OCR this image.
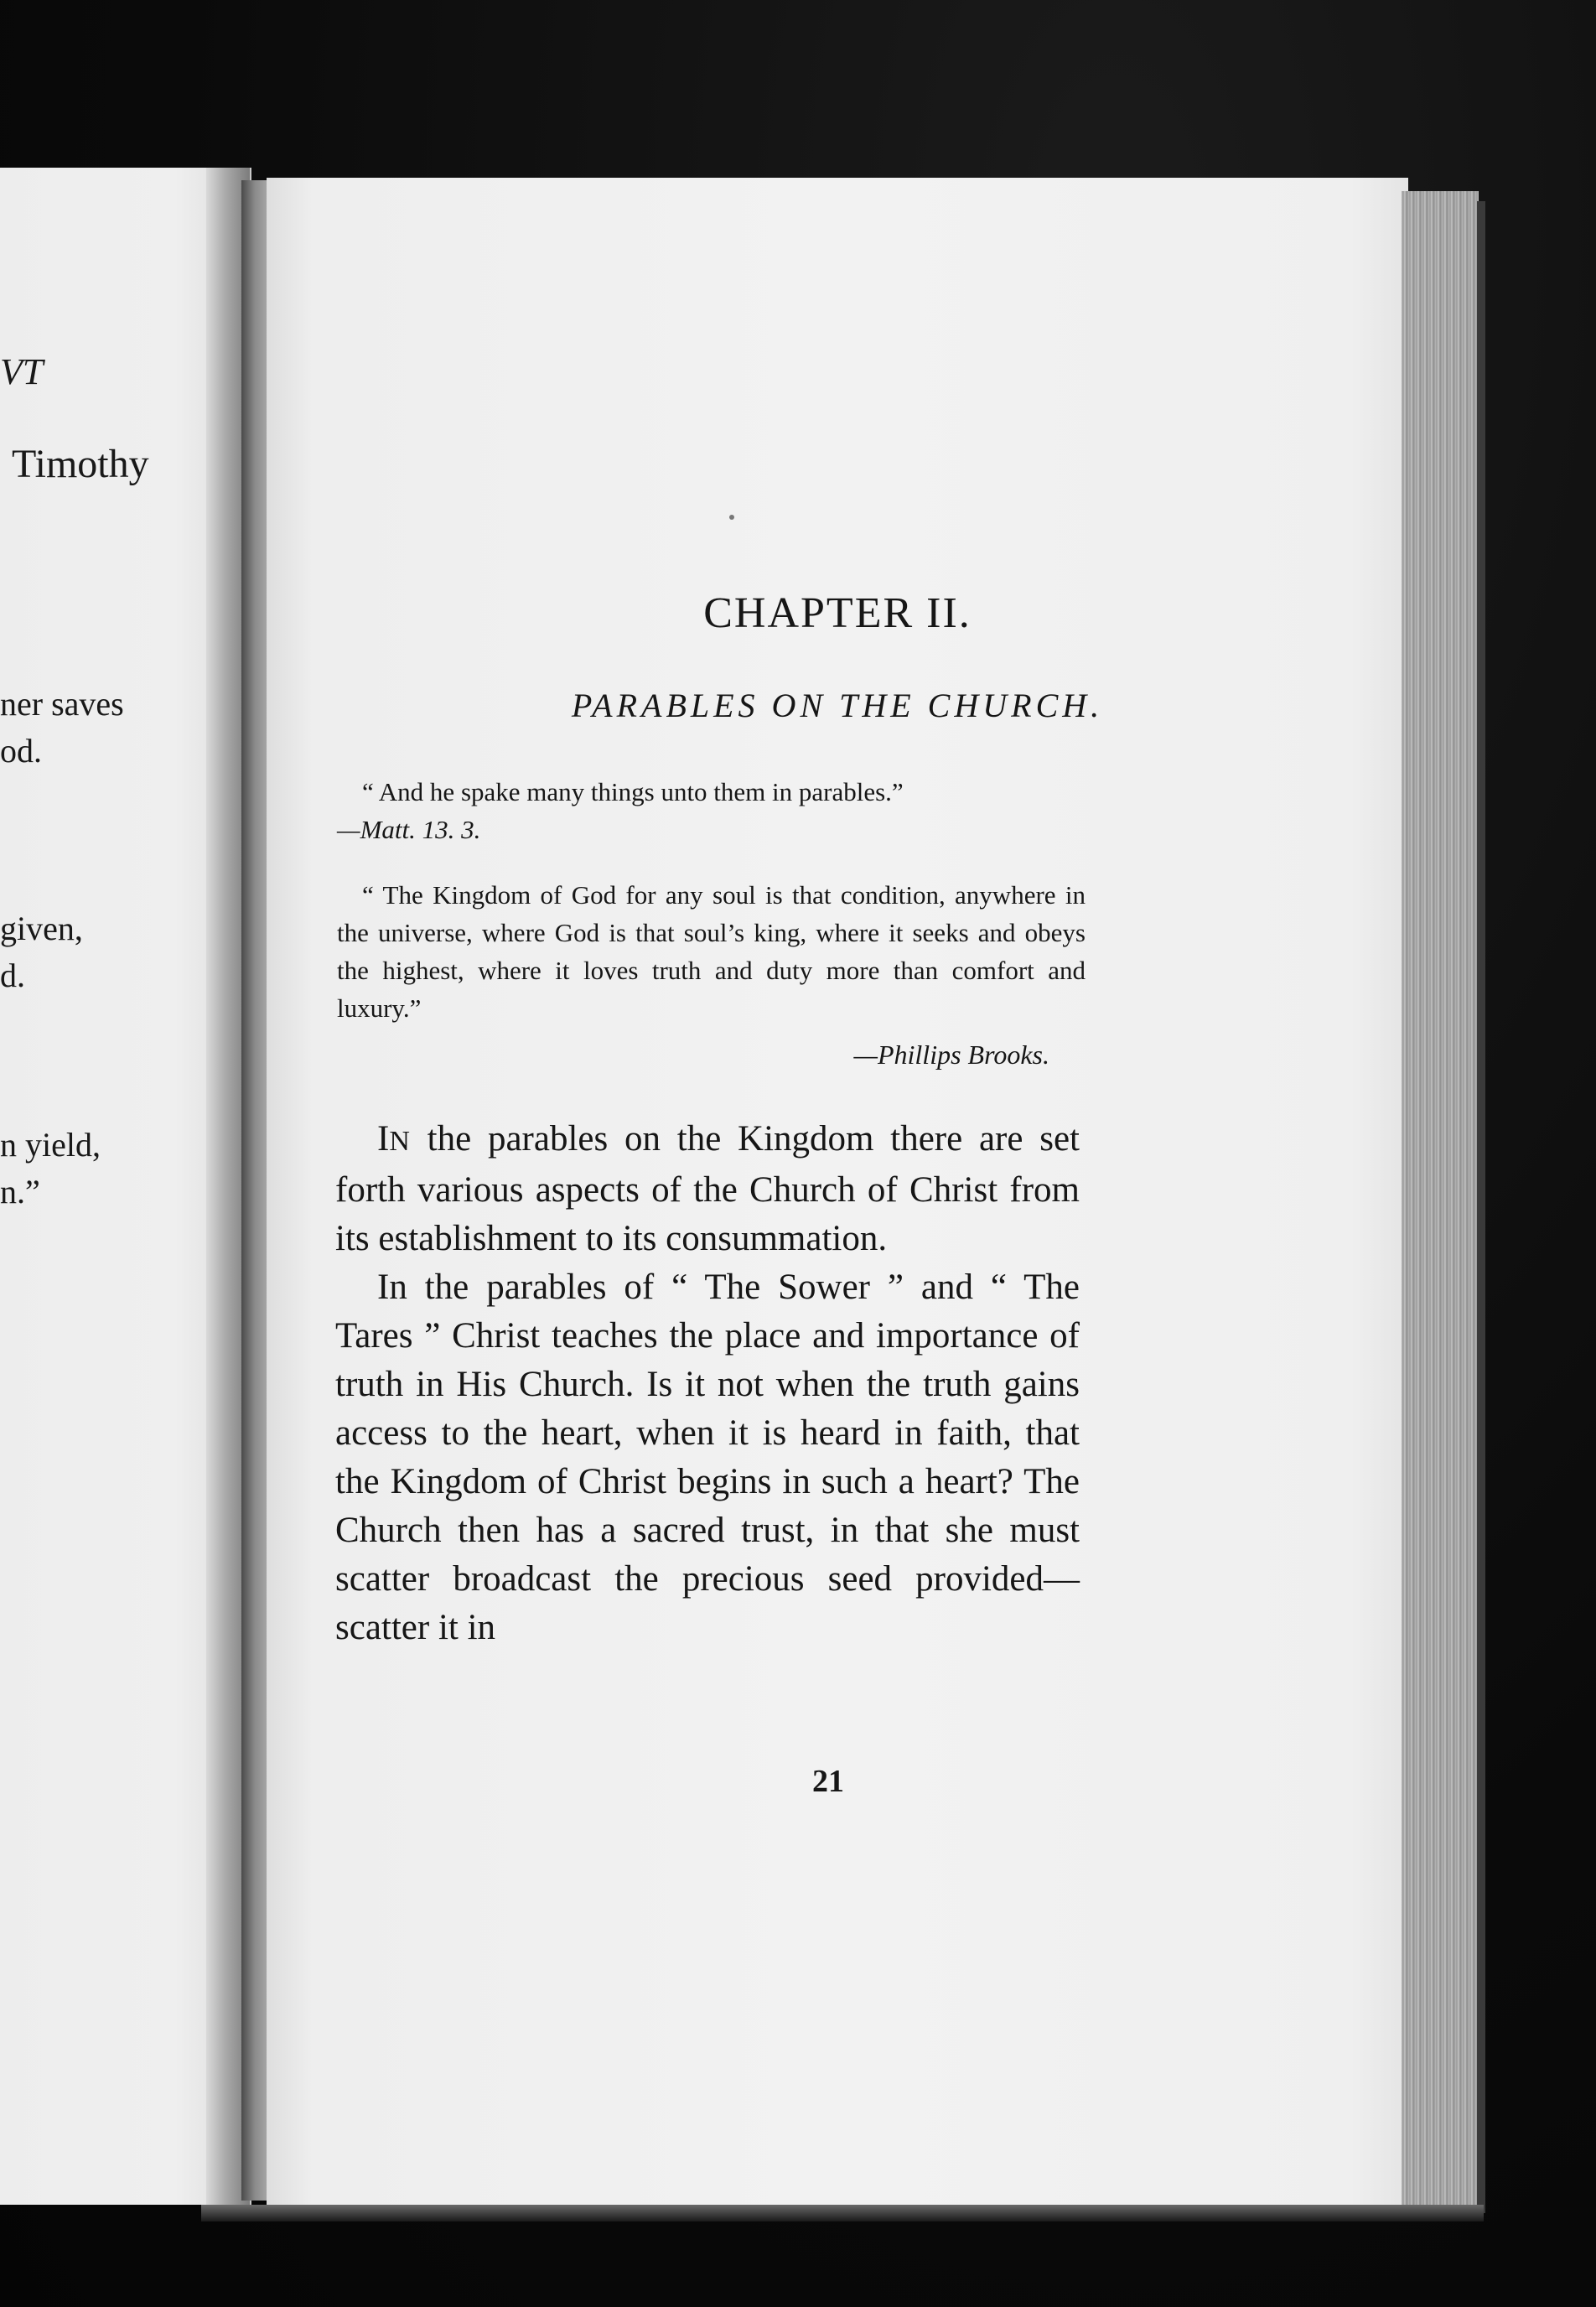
VT
Timothy
ner saves
od.
given,
d.
n yield,
n.”
CHAPTER II.
PARABLES ON THE CHURCH.
“ And he spake many things unto them in parables.”
—Matt. 13. 3.
“ The Kingdom of God for any soul is that condition, anywhere in the universe, where God is that soul’s king, where it seeks and obeys the highest, where it loves truth and duty more than comfort and luxury.”
—Phillips Brooks.

IN the parables on the Kingdom there are set forth various aspects of the Church of Christ from its establishment to its consummation.

In the parables of “ The Sower ” and “ The Tares ” Christ teaches the place and importance of truth in His Church. Is it not when the truth gains access to the heart, when it is heard in faith, that the Kingdom of Christ begins in such a heart? The Church then has a sacred trust, in that she must scatter broadcast the precious seed provided—scatter it in

21
